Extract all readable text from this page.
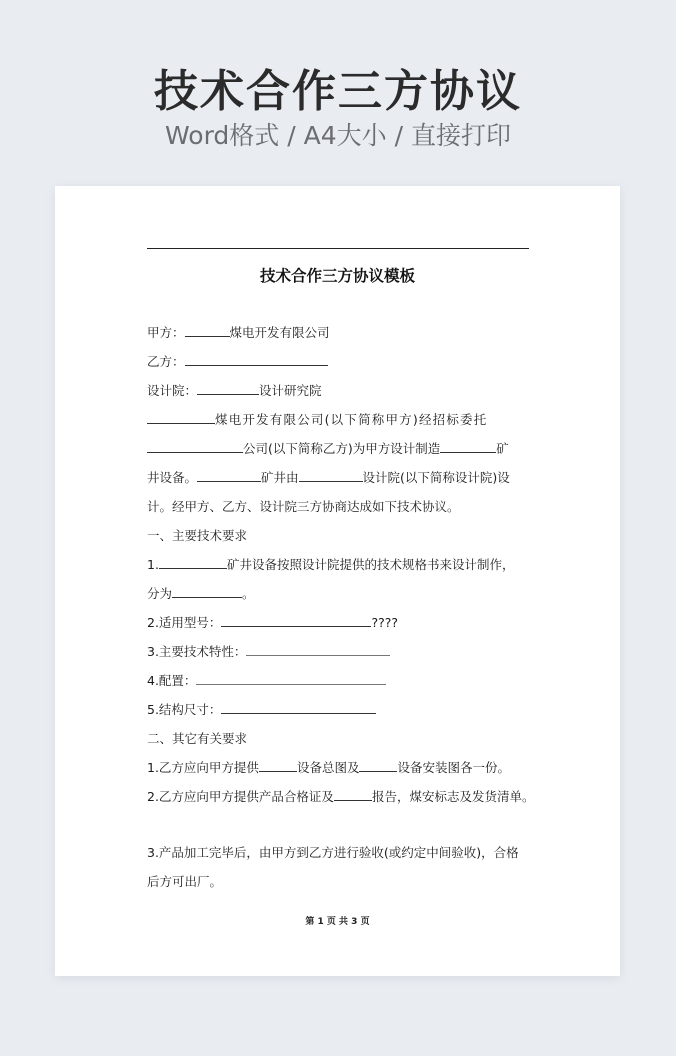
技术合作三方协议
Word格式 / A4大小 / 直接打印
技术合作三方协议模板
甲方：	煤电开发有限公司
乙方：
设计院：	设计研究院
煤电开发有限公司(以下简称甲方)经招标委托
公司(以下简称乙方)为甲方设计制造	矿
井设备。	矿井由	设计院(以下简称设计院)设
计。经甲方、乙方、设计院三方协商达成如下技术协议。
一、主要技术要求
1.	矿井设备按照设计院提供的技术规格书来设计制作，
分为	。
2.适用型号：	????
3.主要技术特性：
4.配置：
5.结构尺寸：
二、其它有关要求
1.乙方应向甲方提供	设备总图及	设备安装图各一份。
2.乙方应向甲方提供产品合格证及	报告，煤安标志及发货清单。
3.产品加工完毕后，由甲方到乙方进行验收(或约定中间验收)，合格
后方可出厂。
第 1 页 共 3 页
